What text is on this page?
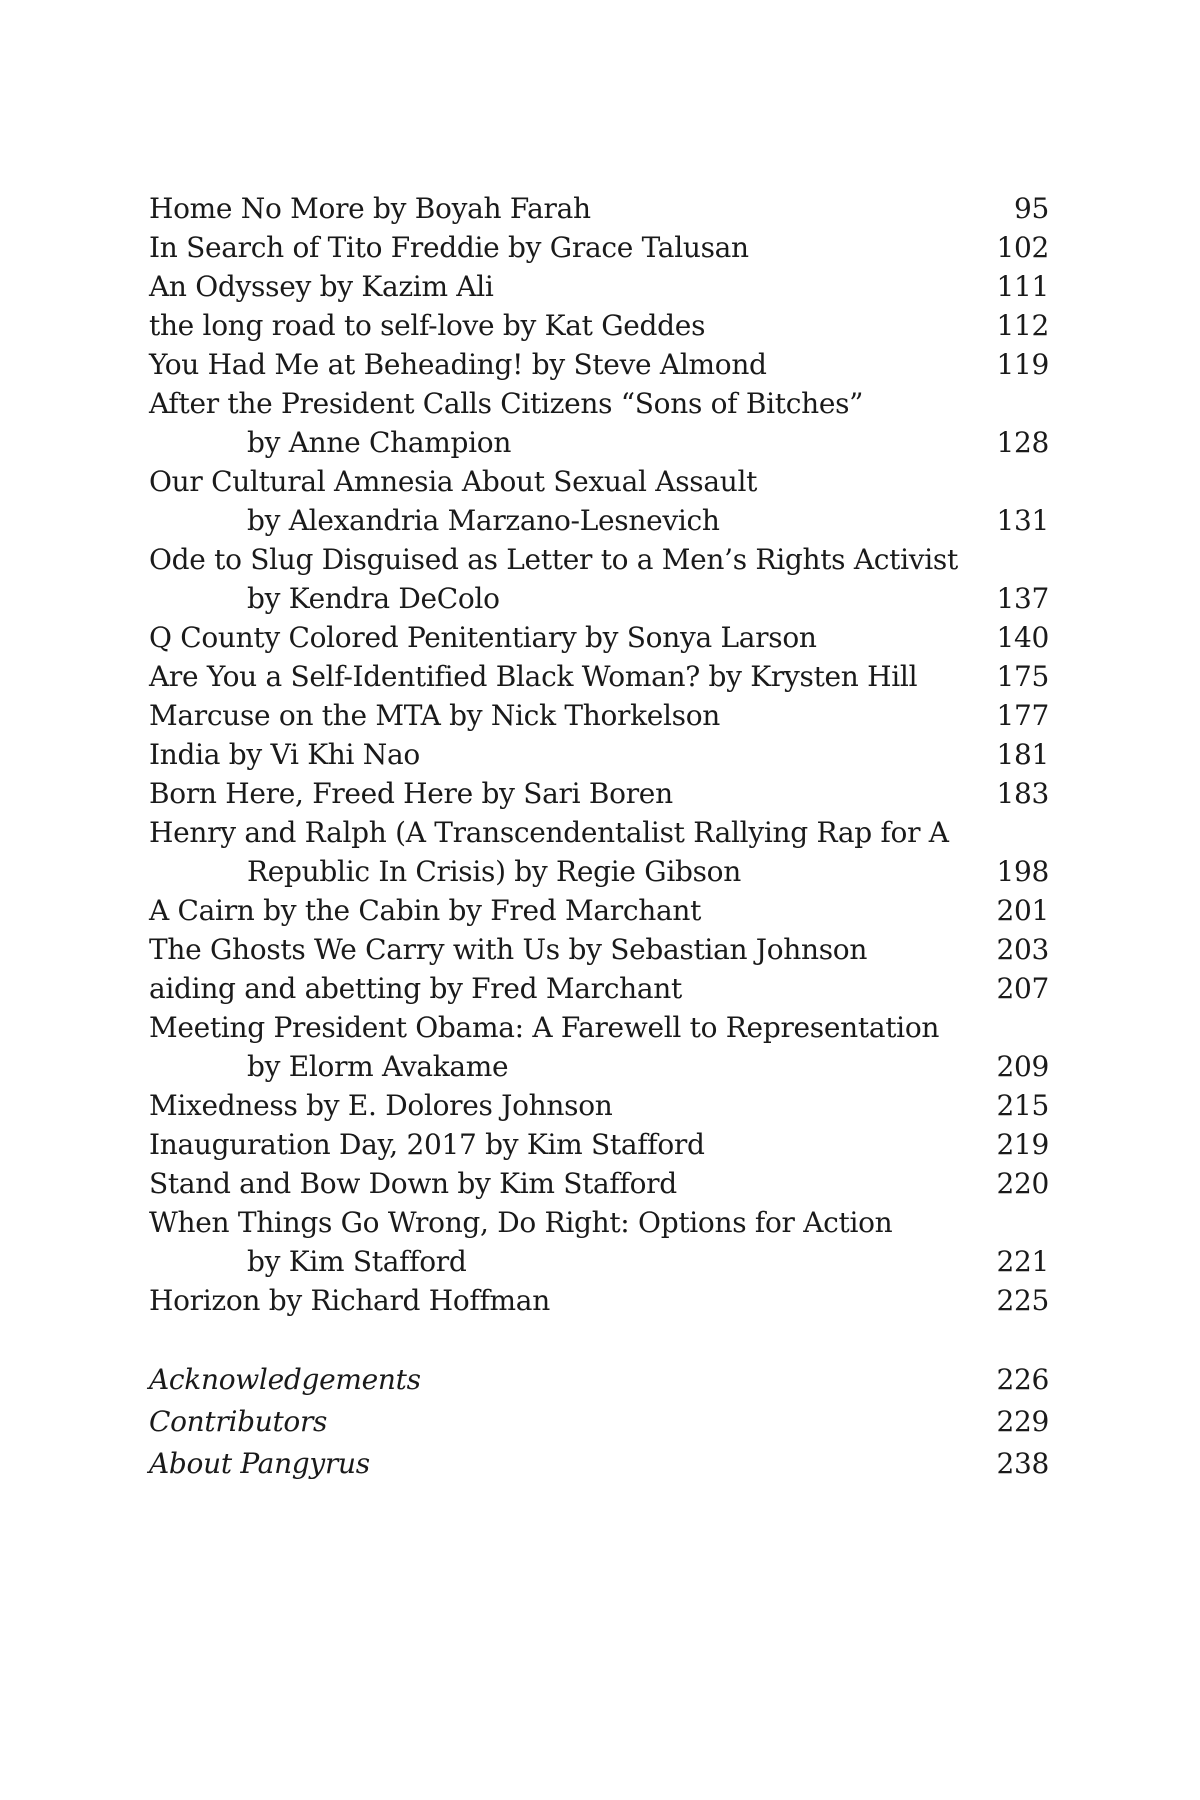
Home No More by Boyah Farah	95
In Search of Tito Freddie by Grace Talusan	102
An Odyssey by Kazim Ali	111
the long road to self-love by Kat Geddes	112
You Had Me at Beheading! by Steve Almond	119
After the President Calls Citizens “Sons of Bitches”
by Anne Champion	128
Our Cultural Amnesia About Sexual Assault
by Alexandria Marzano-Lesnevich	131
Ode to Slug Disguised as Letter to a Men’s Rights Activist
by Kendra DeColo	137
Q County Colored Penitentiary by Sonya Larson	140
Are You a Self-Identified Black Woman? by Krysten Hill	175
Marcuse on the MTA by Nick Thorkelson	177
India by Vi Khi Nao	181
Born Here, Freed Here by Sari Boren	183
Henry and Ralph (A Transcendentalist Rallying Rap for A
Republic In Crisis) by Regie Gibson	198
A Cairn by the Cabin by Fred Marchant	201
The Ghosts We Carry with Us by Sebastian Johnson	203
aiding and abetting by Fred Marchant	207
Meeting President Obama: A Farewell to Representation
by Elorm Avakame	209
Mixedness by E. Dolores Johnson	215
Inauguration Day, 2017 by Kim Stafford	219
Stand and Bow Down by Kim Stafford	220
When Things Go Wrong, Do Right: Options for Action
by Kim Stafford	221
Horizon by Richard Hoffman	225
Acknowledgements	226
Contributors	229
About Pangyrus	238
